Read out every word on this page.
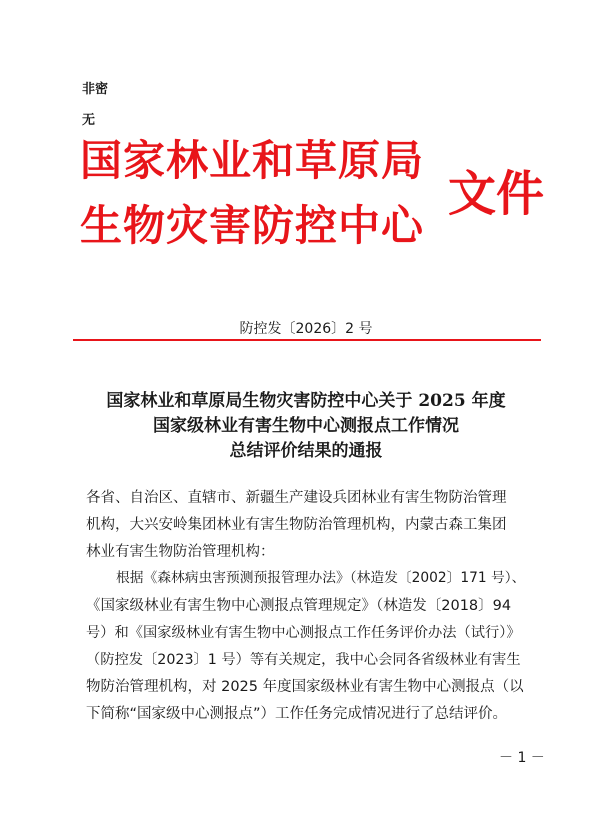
非密
无
国家林业和草原局
生物灾害防控中心
文件
防控发〔2026〕2 号
国家林业和草原局生物灾害防控中心关于 2025 年度
国家级林业有害生物中心测报点工作情况
总结评价结果的通报
各省、自治区、直辖市、新疆生产建设兵团林业有害生物防治管理
机构，大兴安岭集团林业有害生物防治管理机构，内蒙古森工集团
林业有害生物防治管理机构：
根据《森林病虫害预测预报管理办法》（林造发〔2002〕171 号）、
《国家级林业有害生物中心测报点管理规定》（林造发〔2018〕94
号）和《国家级林业有害生物中心测报点工作任务评价办法（试行）》
（防控发〔2023〕1 号）等有关规定，我中心会同各省级林业有害生
物防治管理机构，对 2025 年度国家级林业有害生物中心测报点（以
下简称“国家级中心测报点”）工作任务完成情况进行了总结评价。
－ 1 －
